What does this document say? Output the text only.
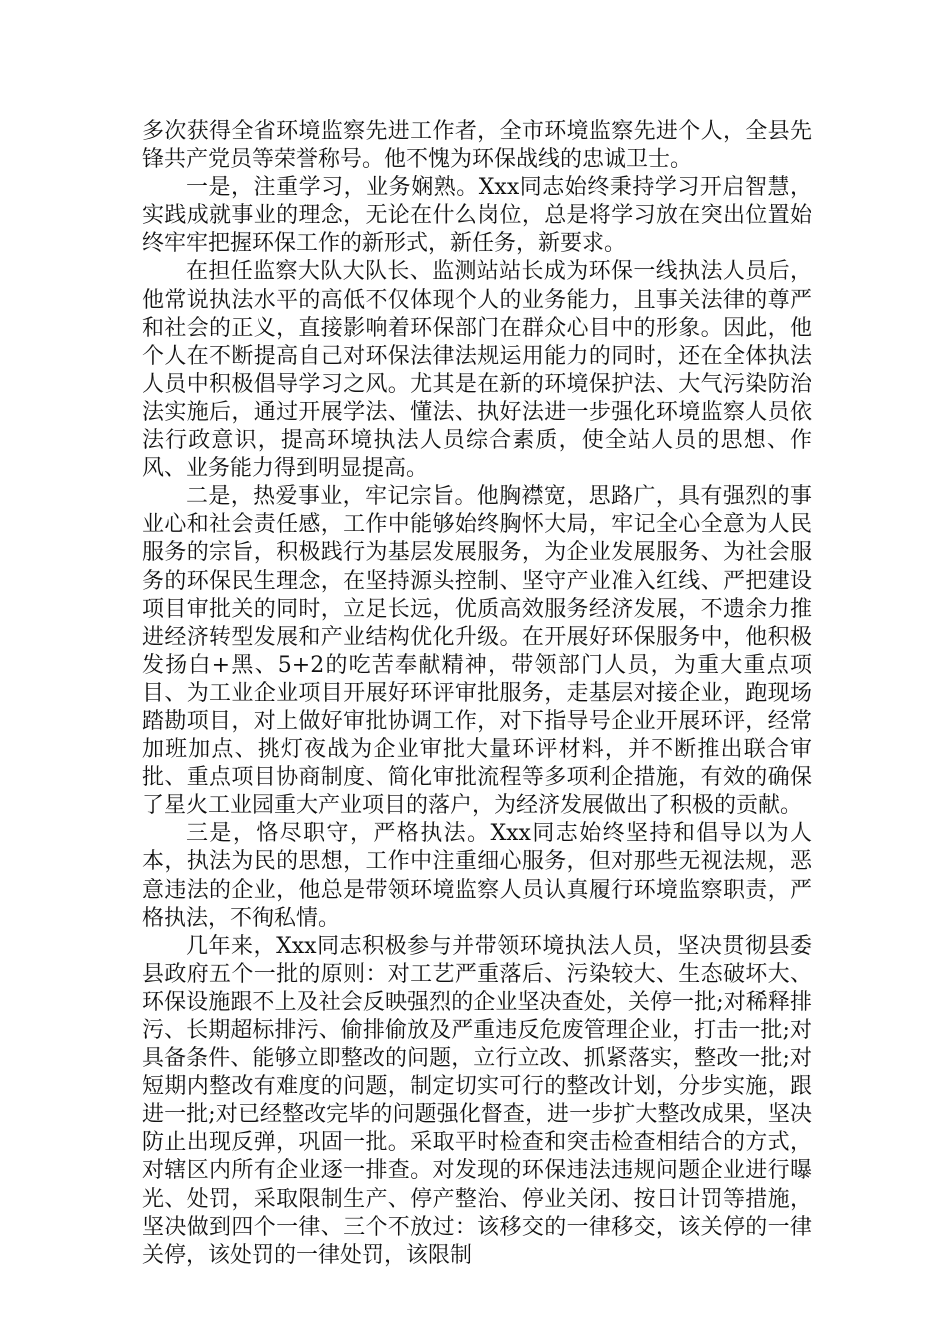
多次获得全省环境监察先进工作者，全市环境监察先进个人，全县先锋共产党员等荣誉称号。他不愧为环保战线的忠诚卫士。

一是，注重学习，业务娴熟。Xxx同志始终秉持学习开启智慧，实践成就事业的理念，无论在什么岗位，总是将学习放在突出位置始终牢牢把握环保工作的新形式，新任务，新要求。

在担任监察大队大队长、监测站站长成为环保一线执法人员后，他常说执法水平的高低不仅体现个人的业务能力，且事关法律的尊严和社会的正义，直接影响着环保部门在群众心目中的形象。因此，他个人在不断提高自己对环保法律法规运用能力的同时，还在全体执法人员中积极倡导学习之风。尤其是在新的环境保护法、大气污染防治法实施后，通过开展学法、懂法、执好法进一步强化环境监察人员依法行政意识，提高环境执法人员综合素质，使全站人员的思想、作风、业务能力得到明显提高。

二是，热爱事业，牢记宗旨。他胸襟宽，思路广，具有强烈的事业心和社会责任感，工作中能够始终胸怀大局，牢记全心全意为人民服务的宗旨，积极践行为基层发展服务，为企业发展服务、为社会服务的环保民生理念，在坚持源头控制、坚守产业准入红线、严把建设项目审批关的同时，立足长远，优质高效服务经济发展，不遗余力推进经济转型发展和产业结构优化升级。在开展好环保服务中，他积极发扬白+黑、5+2的吃苦奉献精神，带领部门人员，为重大重点项目、为工业企业项目开展好环评审批服务，走基层对接企业，跑现场踏勘项目，对上做好审批协调工作，对下指导号企业开展环评，经常加班加点、挑灯夜战为企业审批大量环评材料，并不断推出联合审批、重点项目协商制度、简化审批流程等多项利企措施，有效的确保了星火工业园重大产业项目的落户，为经济发展做出了积极的贡献。

三是，恪尽职守，严格执法。Xxx同志始终坚持和倡导以为人本，执法为民的思想，工作中注重细心服务，但对那些无视法规，恶意违法的企业，他总是带领环境监察人员认真履行环境监察职责，严格执法，不徇私情。

几年来，Xxx同志积极参与并带领环境执法人员，坚决贯彻县委县政府五个一批的原则：对工艺严重落后、污染较大、生态破坏大、环保设施跟不上及社会反映强烈的企业坚决查处，关停一批;对稀释排污、长期超标排污、偷排偷放及严重违反危废管理企业，打击一批;对具备条件、能够立即整改的问题，立行立改、抓紧落实，整改一批;对短期内整改有难度的问题，制定切实可行的整改计划，分步实施，跟进一批;对已经整改完毕的问题强化督查，进一步扩大整改成果，坚决防止出现反弹，巩固一批。采取平时检查和突击检查相结合的方式，对辖区内所有企业逐一排查。对发现的环保违法违规问题企业进行曝光、处罚，采取限制生产、停产整治、停业关闭、按日计罚等措施，坚决做到四个一律、三个不放过：该移交的一律移交，该关停的一律关停，该处罚的一律处罚，该限制
